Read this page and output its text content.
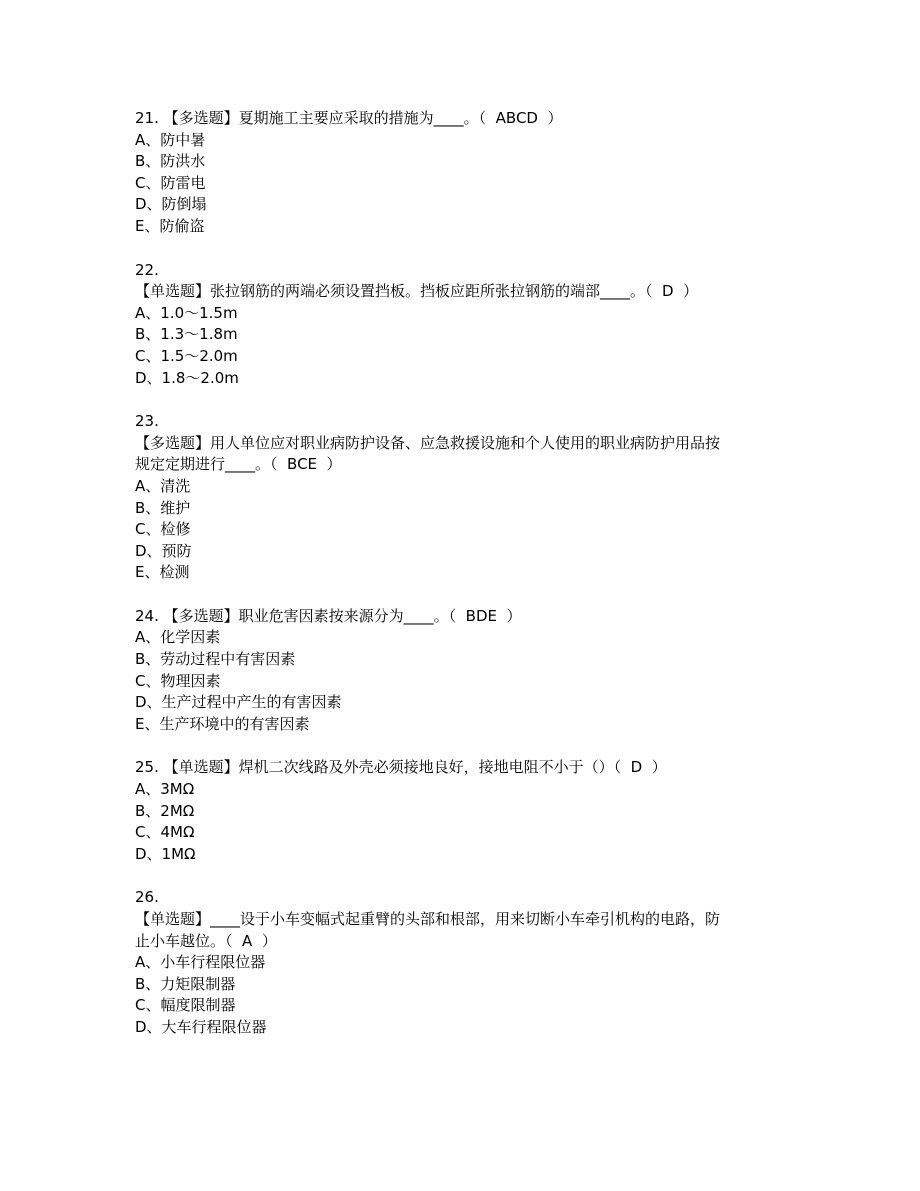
21. 【多选题】夏期施工主要应采取的措施为____。（  ABCD  ）
A、防中暑
B、防洪水
C、防雷电
D、防倒塌
E、防偷盗
22.
【单选题】张拉钢筋的两端必须设置挡板。挡板应距所张拉钢筋的端部____。（  D  ）
A、1.0～1.5m
B、1.3～1.8m
C、1.5～2.0m
D、1.8～2.0m
23.
【多选题】用人单位应对职业病防护设备、应急救援设施和个人使用的职业病防护用品按
规定定期进行____。（  BCE  ）
A、清洗
B、维护
C、检修
D、预防
E、检测
24. 【多选题】职业危害因素按来源分为____。（  BDE  ）
A、化学因素
B、劳动过程中有害因素
C、物理因素
D、生产过程中产生的有害因素
E、生产环境中的有害因素
25. 【单选题】焊机二次线路及外壳必须接地良好，接地电阻不小于（）（  D  ）
A、3MΩ
B、2MΩ
C、4MΩ
D、1MΩ
26.
【单选题】____设于小车变幅式起重臂的头部和根部，用来切断小车牵引机构的电路，防
止小车越位。（  A  ）
A、小车行程限位器
B、力矩限制器
C、幅度限制器
D、大车行程限位器
